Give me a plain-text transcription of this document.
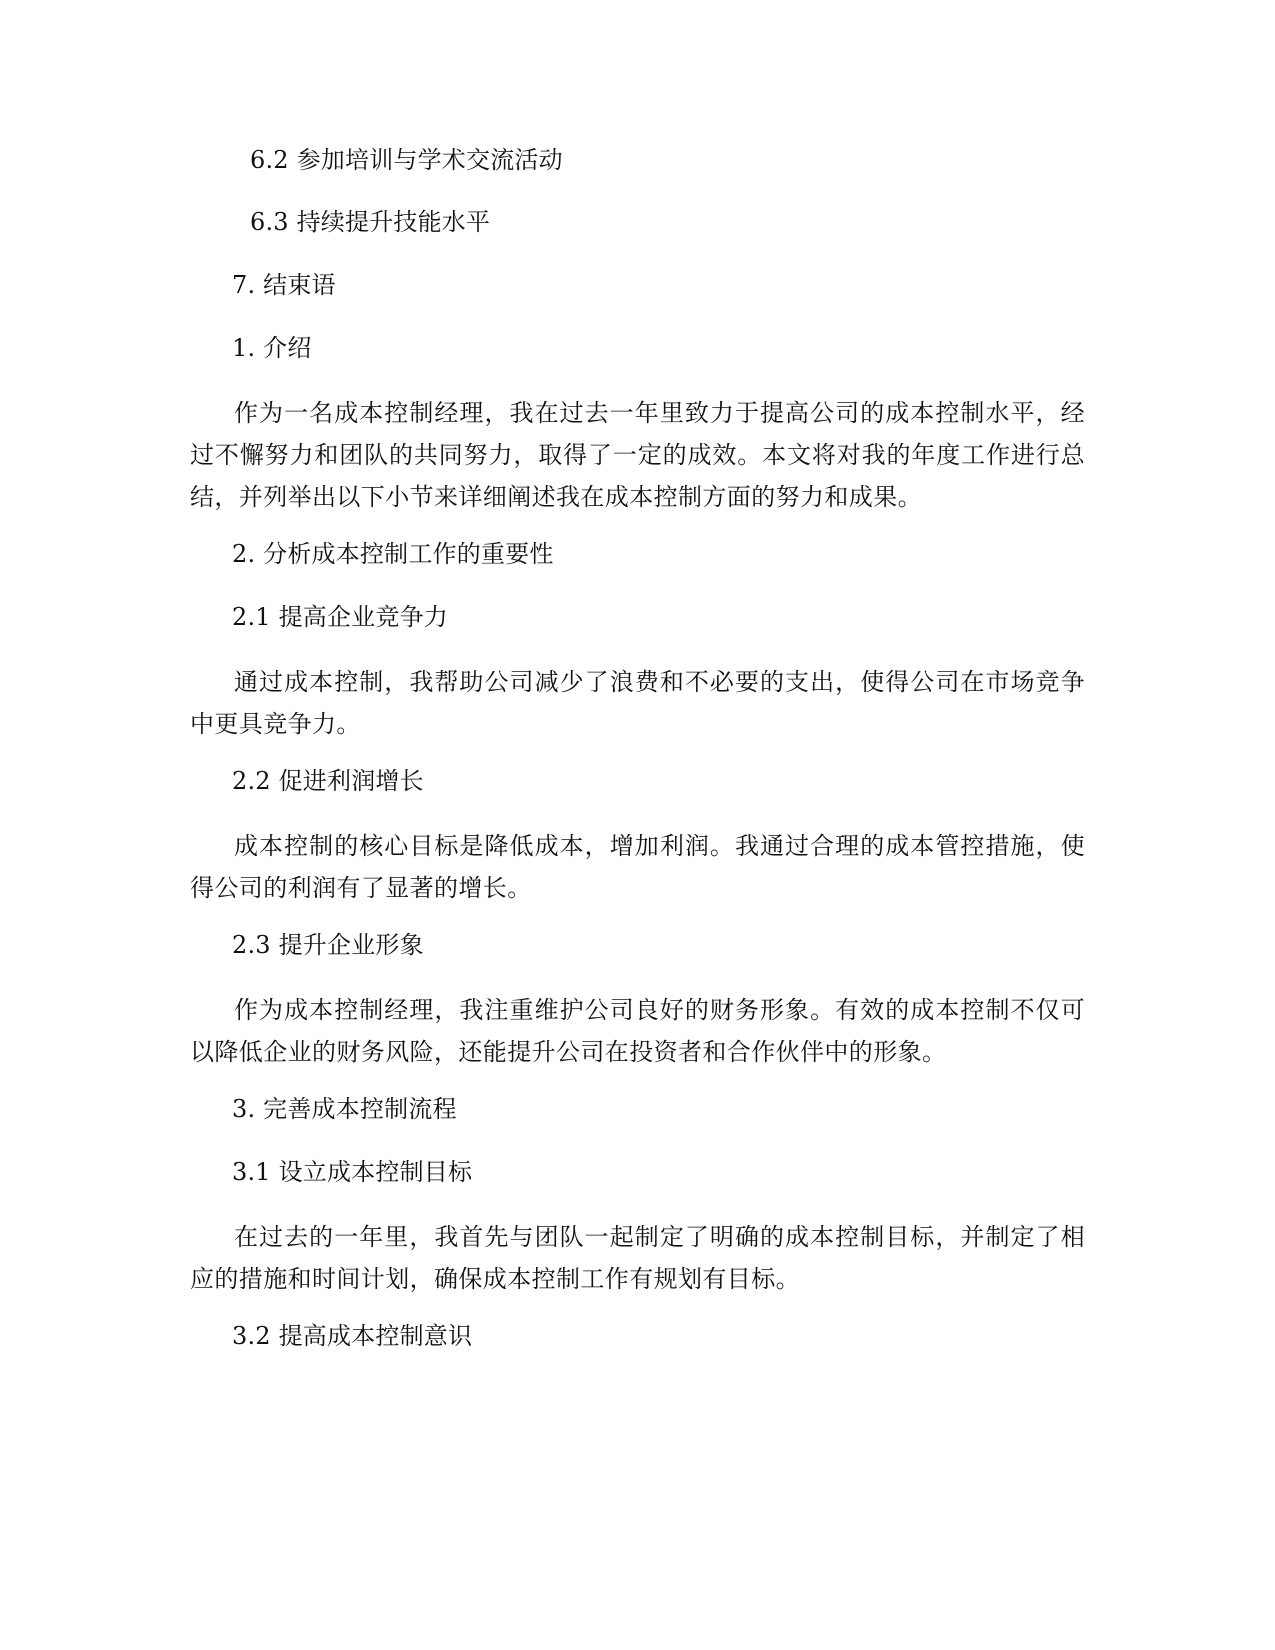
6.2 参加培训与学术交流活动
6.3 持续提升技能水平
7. 结束语
1. 介绍
作为一名成本控制经理，我在过去一年里致力于提高公司的成本控制水平，经过不懈努力和团队的共同努力，取得了一定的成效。本文将对我的年度工作进行总结，并列举出以下小节来详细阐述我在成本控制方面的努力和成果。
2. 分析成本控制工作的重要性
2.1 提高企业竞争力
通过成本控制，我帮助公司减少了浪费和不必要的支出，使得公司在市场竞争中更具竞争力。
2.2 促进利润增长
成本控制的核心目标是降低成本，增加利润。我通过合理的成本管控措施，使得公司的利润有了显著的增长。
2.3 提升企业形象
作为成本控制经理，我注重维护公司良好的财务形象。有效的成本控制不仅可以降低企业的财务风险，还能提升公司在投资者和合作伙伴中的形象。
3. 完善成本控制流程
3.1 设立成本控制目标
在过去的一年里，我首先与团队一起制定了明确的成本控制目标，并制定了相应的措施和时间计划，确保成本控制工作有规划有目标。
3.2 提高成本控制意识
